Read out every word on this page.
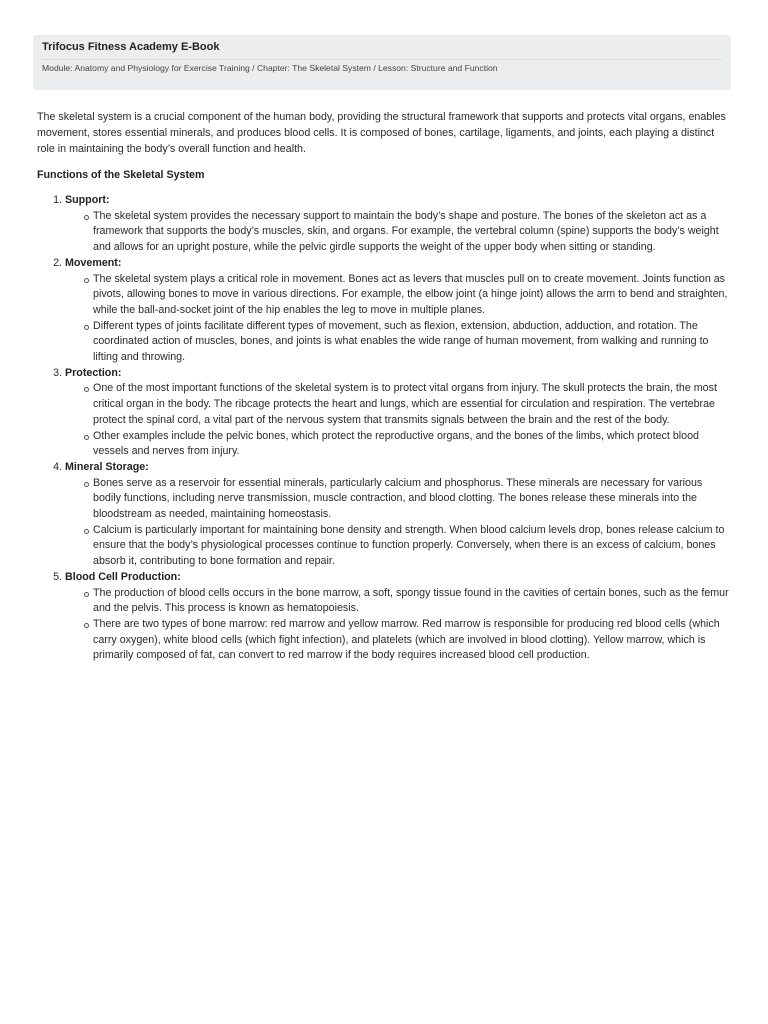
Trifocus Fitness Academy E-Book
Module: Anatomy and Physiology for Exercise Training / Chapter: The Skeletal System / Lesson: Structure and Function

The skeletal system is a crucial component of the human body, providing the structural framework that supports and protects vital organs, enables movement, stores essential minerals, and produces blood cells. It is composed of bones, cartilage, ligaments, and joints, each playing a distinct role in maintaining the body’s overall function and health.

Functions of the Skeletal System
1. Support:
The skeletal system provides the necessary support to maintain the body’s shape and posture. The bones of the skeleton act as a framework that supports the body’s muscles, skin, and organs. For example, the vertebral column (spine) supports the body’s weight and allows for an upright posture, while the pelvic girdle supports the weight of the upper body when sitting or standing.
2. Movement:
The skeletal system plays a critical role in movement. Bones act as levers that muscles pull on to create movement. Joints function as pivots, allowing bones to move in various directions. For example, the elbow joint (a hinge joint) allows the arm to bend and straighten, while the ball-and-socket joint of the hip enables the leg to move in multiple planes.
Different types of joints facilitate different types of movement, such as flexion, extension, abduction, adduction, and rotation. The coordinated action of muscles, bones, and joints is what enables the wide range of human movement, from walking and running to lifting and throwing.
3. Protection:
One of the most important functions of the skeletal system is to protect vital organs from injury. The skull protects the brain, the most critical organ in the body. The ribcage protects the heart and lungs, which are essential for circulation and respiration. The vertebrae protect the spinal cord, a vital part of the nervous system that transmits signals between the brain and the rest of the body.
Other examples include the pelvic bones, which protect the reproductive organs, and the bones of the limbs, which protect blood vessels and nerves from injury.
4. Mineral Storage:
Bones serve as a reservoir for essential minerals, particularly calcium and phosphorus. These minerals are necessary for various bodily functions, including nerve transmission, muscle contraction, and blood clotting. The bones release these minerals into the bloodstream as needed, maintaining homeostasis.
Calcium is particularly important for maintaining bone density and strength. When blood calcium levels drop, bones release calcium to ensure that the body’s physiological processes continue to function properly. Conversely, when there is an excess of calcium, bones absorb it, contributing to bone formation and repair.
5. Blood Cell Production:
The production of blood cells occurs in the bone marrow, a soft, spongy tissue found in the cavities of certain bones, such as the femur and the pelvis. This process is known as hematopoiesis.
There are two types of bone marrow: red marrow and yellow marrow. Red marrow is responsible for producing red blood cells (which carry oxygen), white blood cells (which fight infection), and platelets (which are involved in blood clotting). Yellow marrow, which is primarily composed of fat, can convert to red marrow if the body requires increased blood cell production.
